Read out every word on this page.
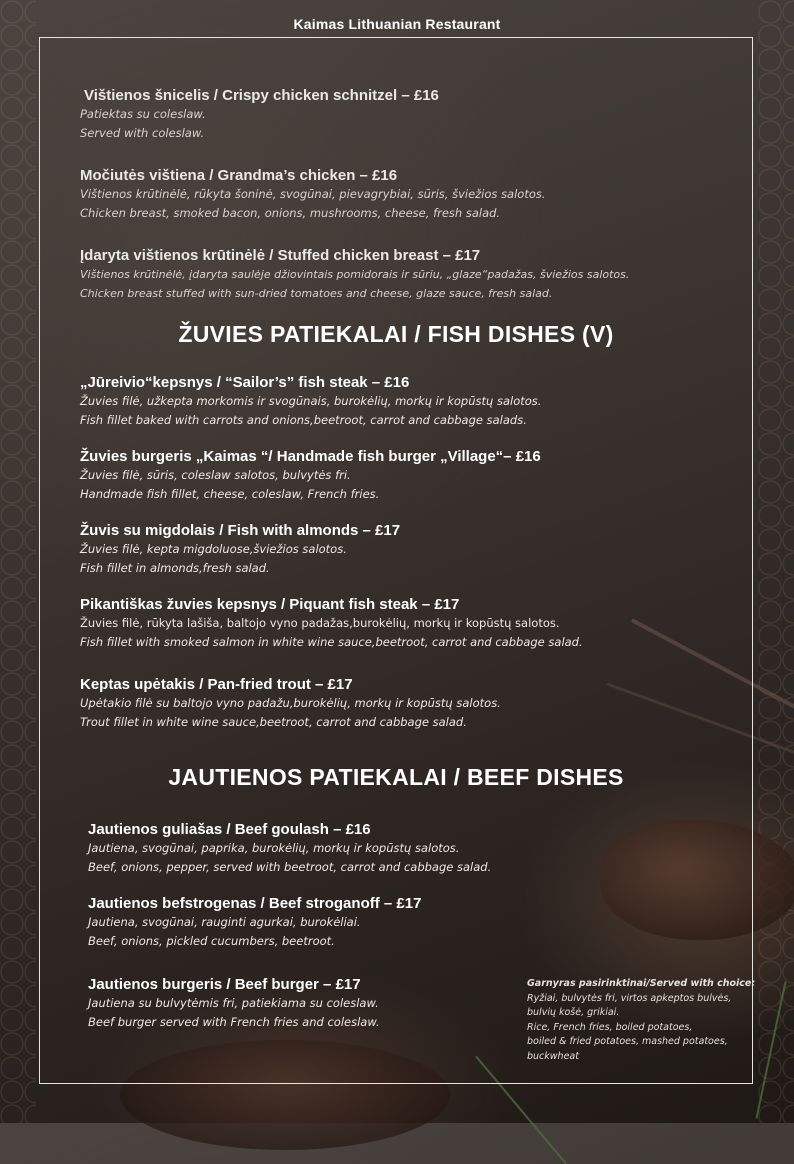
Kaimas Lithuanian Restaurant
Vištienos šnicelis / Crispy chicken schnitzel – £16
Patiektas su coleslaw.
Served with coleslaw.
Močiutės vištiena / Grandma’s chicken – £16
Vištienos krūtinėlė, rūkyta šoninė, svogūnai, pievagrybiai, sūris, šviežios salotos.
Chicken breast, smoked bacon, onions, mushrooms, cheese, fresh salad.
Įdaryta vištienos krūtinėlė / Stuffed chicken breast – £17
Vištienos krūtinėlė, įdaryta saulėje džiovintais pomidorais ir sūriu, „glaze“padažas, šviežios salotos.
Chicken breast stuffed with sun-dried tomatoes and cheese, glaze sauce, fresh salad.
ŽUVIES PATIEKALAI / FISH DISHES (V)
„Jūreivio“kepsnys / “Sailor’s” fish steak – £16
Žuvies filė, užkepta morkomis ir svogūnais, burokėlių, morkų ir kopūstų salotos.
Fish fillet baked with carrots and onions,beetroot, carrot and cabbage salads.
Žuvies burgeris „Kaimas “/ Handmade fish burger „Village“– £16
Žuvies filė, sūris, coleslaw salotos, bulvytės fri.
Handmade fish fillet, cheese, coleslaw, French fries.
Žuvis su migdolais / Fish with almonds – £17
Žuvies filė, kepta migdoluose,šviežios salotos.
Fish fillet in almonds,fresh salad.
Pikantiškas žuvies kepsnys / Piquant fish steak – £17
Žuvies filė, rūkyta lašiša, baltojo vyno padažas,burokėlių, morkų ir kopūstų salotos.
Fish fillet with smoked salmon in white wine sauce,beetroot, carrot and cabbage salad.
Keptas upėtakis / Pan-fried trout – £17
Upėtakio filė su baltojo vyno padažu,burokėlių, morkų ir kopūstų salotos.
Trout fillet in white wine sauce,beetroot, carrot and cabbage salad.
JAUTIENOS PATIEKALAI / BEEF DISHES
Jautienos guliašas / Beef goulash – £16
Jautiena, svogūnai, paprika, burokėlių, morkų ir kopūstų salotos.
Beef, onions, pepper, served with beetroot, carrot and cabbage salad.
Jautienos befstrogenas / Beef stroganoff – £17
Jautiena, svogūnai, rauginti agurkai, burokėliai.
Beef, onions, pickled cucumbers, beetroot.
Jautienos burgeris / Beef burger – £17
Jautiena su bulvytėmis fri, patiekiama su coleslaw.
Beef burger served with French fries and coleslaw.
Garnyras pasirinktinai/Served with choice:
Ryžiai, bulvytės fri, virtos apkeptos bulvės,
bulvių košė, grikiai.
Rice, French fries, boiled potatoes,
boiled & fried potatoes, mashed potatoes,
buckwheat
